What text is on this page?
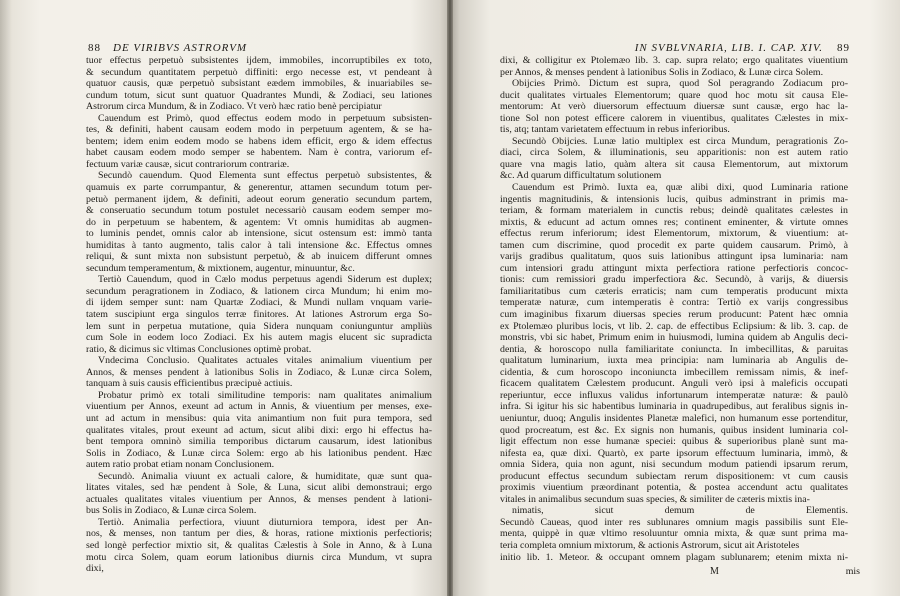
88 DE VIRIBVS ASTRORVM
tuor effectus perpetuò subsistentes ijdem, immobiles, incorruptibiles ex toto,
& secundum quantitatem perpetuò diffiniti: ergo necesse est, vt pendeant à
quatuor causis, quæ perpetuò subsistant eædem immobiles, & inuariabiles se-
cundum totum, sicut sunt quatuor Quadrantes Mundi, & Zodiaci, seu lationes
Astrorum circa Mundum, & in Zodiaco. Vt verò hæc ratio benè percipiatur
Cauendum est Primò, quod effectus eodem modo in perpetuum subsisten-
tes, & definiti, habent causam eodem modo in perpetuum agentem, & se ha-
bentem; idem enim eodem modo se habens idem efficit, ergo & idem effectus
habet causam eodem modo semper se habentem. Nam è contra, variorum ef-
fectuum variæ causæ, sicut contrariorum contrariæ.
Secundò cauendum. Quod Elementa sunt effectus perpetuò subsistentes, &
quamuis ex parte corrumpantur, & generentur, attamen secundum totum per-
petuò permanent ijdem, & definiti, adeout eorum generatio secundum partem,
& conseruatio secundum totum postulet necessariò causam eodem semper mo-
do in perpetuum se habentem, & agentem: Vt omnis humiditas ab augmen-
to luminis pendet, omnis calor ab intensione, sicut ostensum est: immò tanta
humiditas à tanto augmento, talis calor à tali intensione &c. Effectus omnes
reliqui, & sunt mixta non subsistunt perpetuò, & ab inuicem differunt omnes
secundum temperamentum, & mixtionem, augentur, minuuntur, &c.
Tertiò Cauendum, quod in Cælo modus perpetuus agendi Siderum est duplex;
secundum peragrationem in Zodiaco, & lationem circa Mundum; hi enim mo-
di ijdem semper sunt: nam Quartæ Zodiaci, & Mundi nullam vnquam varie-
tatem suscipiunt erga singulos terræ finitores. At lationes Astrorum erga So-
lem sunt in perpetua mutatione, quia Sidera nunquam coniunguntur ampliùs
cum Sole in eodem loco Zodiaci. Ex his autem magis elucent sic supradicta
ratio, & dicimus sic vltimas Conclusiones optimè probat.
Vndecima Conclusio. Qualitates actuales vitales animalium viuentium per
Annos, & menses pendent à lationibus Solis in Zodiaco, & Lunæ circa Solem,
tanquam à suis causis efficientibus præcipuè actiuis.
Probatur primò ex totali similitudine temporis: nam qualitates animalium
viuentium per Annos, exeunt ad actum in Annis, & viuentium per menses, exe-
unt ad actum in mensibus: quia vita animantium non fuit pura tempora, sed
qualitates vitales, prout exeunt ad actum, sicut alibi dixi: ergo hi effectus ha-
bent tempora omninò similia temporibus dictarum causarum, idest lationibus
Solis in Zodiaco, & Lunæ circa Solem: ergo ab his lationibus pendent. Hæc
autem ratio probat etiam nonam Conclusionem.
Secundò. Animalia viuunt ex actuali calore, & humiditate, quæ sunt qua-
litates vitales, sed hæ pendent à Sole, & Luna, sicut alibi demonstraui; ergo
actuales qualitates vitales viuentium per Annos, & menses pendent à lationi-
bus Solis in Zodiaco, & Lunæ circa Solem.
Tertiò. Animalia perfectiora, viuunt diuturniora tempora, idest per An-
nos, & menses, non tantum per dies, & horas, ratione mixtionis perfectioris;
sed longè perfectior mixtio sit, & qualitas Cælestis à Sole in Anno, & à Luna
motu circa Solem, quam eorum lationibus diurnis circa Mundum, vt supra
dixi,
IN SVBLVNARIA, LIB. I. CAP. XIV. 89
dixi, & colligitur ex Ptolemæo lib. 3. cap. supra relato; ergo qualitates viuentium
per Annos, & menses pendent à lationibus Solis in Zodiaco, & Lunæ circa Solem.
Obijcies Primò. Dictum est supra, quod Sol peragrando Zodiacum pro-
ducit qualitates virtuales Elementorum; quare quod hoc motu sit causa Ele-
mentorum: At verò diuersorum effectuum diuersæ sunt causæ, ergo hac la-
tione Sol non potest efficere calorem in viuentibus, qualitates Cælestes in mix-
tis, atq; tantam varietatem effectuum in rebus inferioribus.
Secundò Obijcies. Lunæ latio multiplex est circa Mundum, peragrationis Zo-
diaci, circa Solem, & illuminationis, seu apparitionis: non est autem ratio
quare vna magis latio, quàm altera sit causa Elementorum, aut mixtorum
&c. Ad quarum difficultatum solutionem
Cauendum est Primò. Iuxta ea, quæ alibi dixi, quod Luminaria ratione
ingentis magnitudinis, & intensionis lucis, quibus adminstrant in primis ma-
teriam, & formam materialem in cunctis rebus; deindè qualitates cælestes in
mixtis, & educunt ad actum omnes res; continent eminenter, & virtute omnes
effectus rerum inferiorum; idest Elementorum, mixtorum, & viuentium: at-
tamen cum discrimine, quod procedit ex parte quidem causarum. Primò, à
varijs gradibus qualitatum, quos suis lationibus attingunt ipsa luminaria: nam
cum intensiori gradu attingunt mixta perfectiora ratione perfectioris concoc-
tionis: cum remissiori gradu imperfectiora &c. Secundò, à varijs, & diuersis
familiaritatibus cum cæteris erraticis; nam cum temperatis producunt mixta
temperatæ naturæ, cum intemperatis è contra: Tertiò ex varijs congressibus
cum imaginibus fixarum diuersas species rerum producunt: Patent hæc omnia
ex Ptolemæo pluribus locis, vt lib. 2. cap. de effectibus Eclipsium: & lib. 3. cap. de
monstris, vbi sic habet, Primum enim in huiusmodi, lumina quidem ab Angulis deci-
dentia, & horoscopo nulla familiaritate coniuncta. In imbecillitas, & paruitas
qualitatum luminarium, iuxta mea principia: nam luminaria ab Angulis de-
cidentia, & cum horoscopo inconiuncta imbecillem remissam nimis, & inef-
ficacem qualitatem Cælestem producunt. Anguli verò ipsi à maleficis occupati
reperiuntur, ecce influxus validus infortunarum intemperatæ naturæ: & paulò
infra. Si igitur his sic habentibus luminaria in quadrupedibus, aut feralibus signis in-
ueniuntur, duoq; Angulis insidentes Planetæ malefici, non humanum esse portenditur,
quod procreatum, est &c. Ex signis non humanis, quibus insident luminaria col-
ligit effectum non esse humanæ speciei: quibus & superioribus planè sunt ma-
nifesta ea, quæ dixi. Quartò, ex parte ipsorum effectuum luminaria, immò, &
omnia Sidera, quia non agunt, nisi secundum modum patiendi ipsarum rerum,
producunt effectus secundum subiectam rerum dispositionem: vt cum causis
proximis viuentium præordinant potentia, & postea accendunt actu qualitates
vitales in animalibus secundum suas species, & similiter de cæteris mixtis ina-
nimatis, sicut demum de Elementis.
Secundò Caueas, quod inter res sublunares omnium magis passibilis sunt Ele-
menta, quippè in quæ vltimo resoluuntur omnia mixta, & quæ sunt prima ma-
teria completa omnium mixtorum, & actionis Astrorum, sicut ait Aristoteles
initio lib. 1. Meteor. & occupant omnem plagam sublunarem; etenim mixta ni-
M	mis
